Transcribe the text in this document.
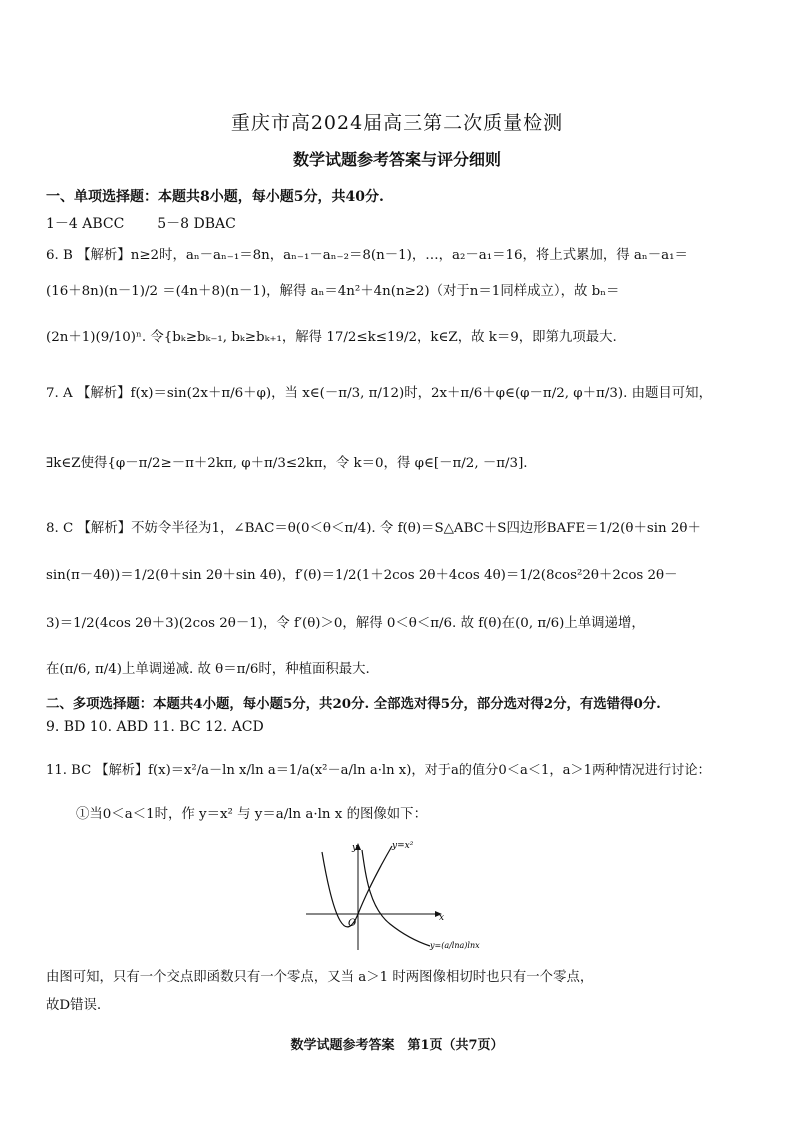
重庆市高2024届高三第二次质量检测
数学试题参考答案与评分细则
一、单项选择题：本题共8小题，每小题5分，共40分.
1－4 ABCC 5－8 DBAC
6. B 【解析】n≥2时，aₙ－aₙ₋₁＝8n，aₙ₋₁－aₙ₋₂＝8(n－1)，…，a₂－a₁＝16，将上式累加，得 aₙ－a₁＝
(16＋8n)(n－1)/2 ＝(4n＋8)(n－1)，解得 aₙ＝4n²＋4n(n≥2)（对于n＝1同样成立），故 bₙ＝
(2n＋1)(9/10)ⁿ. 令{bₖ≥bₖ₋₁, bₖ≥bₖ₊₁，解得 17/2≤k≤19/2，k∈Z，故 k＝9，即第九项最大.
7. A 【解析】f(x)＝sin(2x＋π/6＋φ)，当 x∈(－π/3, π/12)时，2x＋π/6＋φ∈(φ－π/2, φ＋π/3). 由题目可知，
∃k∈Z使得{φ－π/2≥－π＋2kπ, φ＋π/3≤2kπ，令 k＝0，得 φ∈[－π/2, －π/3].
8. C 【解析】不妨令半径为1，∠BAC＝θ(0＜θ＜π/4). 令 f(θ)＝S△ABC＋S四边形BAFE＝1/2(θ＋sin 2θ＋
sin(π－4θ))＝1/2(θ＋sin 2θ＋sin 4θ)，f′(θ)＝1/2(1＋2cos 2θ＋4cos 4θ)＝1/2(8cos²2θ＋2cos 2θ－
3)＝1/2(4cos 2θ＋3)(2cos 2θ－1)，令 f′(θ)＞0，解得 0＜θ＜π/6. 故 f(θ)在(0, π/6)上单调递增，
在(π/6, π/4)上单调递减. 故 θ＝π/6时，种植面积最大.
二、多项选择题：本题共4小题，每小题5分，共20分. 全部选对得5分，部分选对得2分，有选错得0分.
9. BD 10. ABD 11. BC 12. ACD
11. BC 【解析】f(x)＝x²/a－ln x/ln a＝1/a(x²－a/ln a·ln x)，对于a的值分0＜a＜1，a＞1两种情况进行讨论：
①当0＜a＜1时，作 y＝x² 与 y＝a/ln a·ln x 的图像如下：
y
x
O
y=x²
y=(a/lna)lnx
由图可知，只有一个交点即函数只有一个零点，又当 a＞1 时两图像相切时也只有一个零点，
故D错误.
数学试题参考答案　第1页（共7页）
